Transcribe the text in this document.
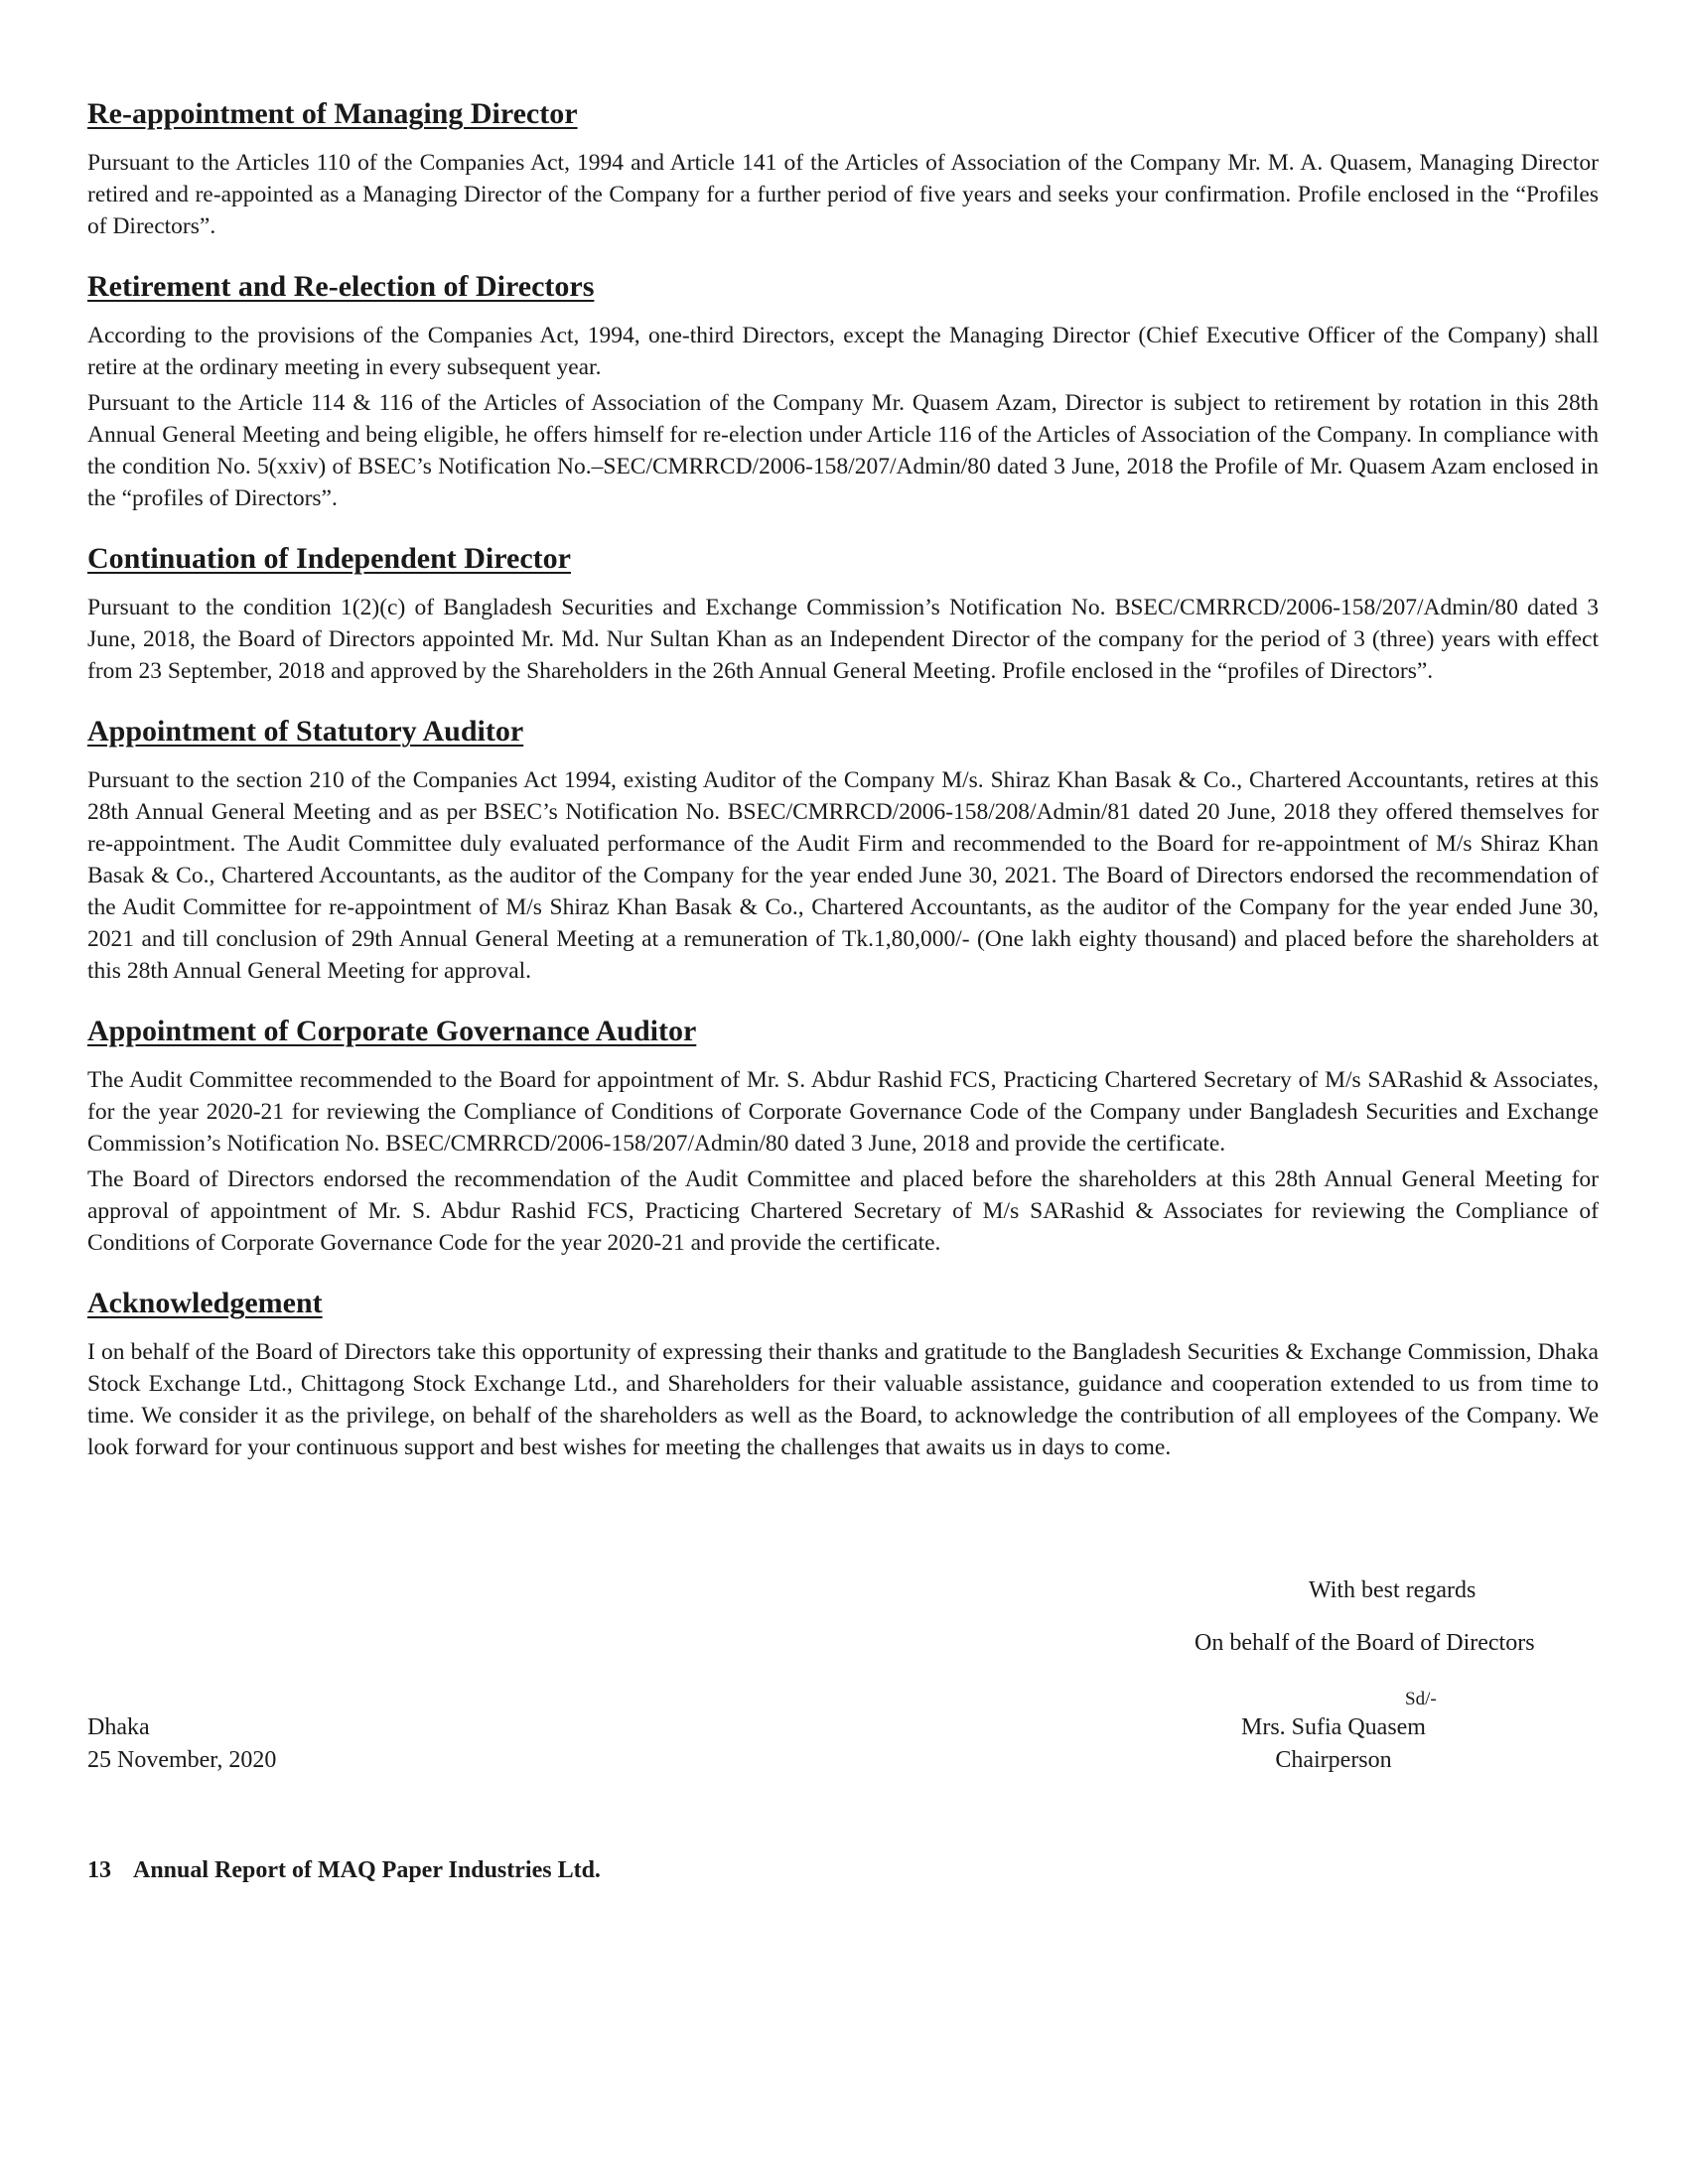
Re-appointment of Managing Director

Pursuant to the Articles 110 of the Companies Act, 1994 and Article 141 of the Articles of Association of the Company Mr. M. A. Quasem, Managing Director retired and re-appointed as a Managing Director of the Company for a further period of five years and seeks your confirmation. Profile enclosed in the “Profiles of Directors”.

Retirement and Re-election of Directors

According to the provisions of the Companies Act, 1994, one-third Directors, except the Managing Director (Chief Executive Officer of the Company) shall retire at the ordinary meeting in every subsequent year.

Pursuant to the Article 114 & 116 of the Articles of Association of the Company Mr. Quasem Azam, Director is subject to retirement by rotation in this 28th Annual General Meeting and being eligible, he offers himself for re-election under Article 116 of the Articles of Association of the Company. In compliance with the condition No. 5(xxiv) of BSEC’s Notification No.–SEC/CMRRCD/2006-158/207/Admin/80 dated 3 June, 2018 the Profile of Mr. Quasem Azam enclosed in the “profiles of Directors”.

Continuation of Independent Director

Pursuant to the condition 1(2)(c) of Bangladesh Securities and Exchange Commission’s Notification No. BSEC/CMRRCD/2006-158/207/Admin/80 dated 3 June, 2018, the Board of Directors appointed Mr. Md. Nur Sultan Khan as an Independent Director of the company for the period of 3 (three) years with effect from 23 September, 2018 and approved by the Shareholders in the 26th Annual General Meeting. Profile enclosed in the “profiles of Directors”.

Appointment of Statutory Auditor

Pursuant to the section 210 of the Companies Act 1994, existing Auditor of the Company M/s. Shiraz Khan Basak & Co., Chartered Accountants, retires at this 28th Annual General Meeting and as per BSEC’s Notification No. BSEC/CMRRCD/2006-158/208/Admin/81 dated 20 June, 2018 they offered themselves for re-appointment. The Audit Committee duly evaluated performance of the Audit Firm and recommended to the Board for re-appointment of M/s Shiraz Khan Basak & Co., Chartered Accountants, as the auditor of the Company for the year ended June 30, 2021. The Board of Directors endorsed the recommendation of the Audit Committee for re-appointment of M/s Shiraz Khan Basak & Co., Chartered Accountants, as the auditor of the Company for the year ended June 30, 2021 and till conclusion of 29th Annual General Meeting at a remuneration of Tk.1,80,000/- (One lakh eighty thousand) and placed before the shareholders at this 28th Annual General Meeting for approval.

Appointment of Corporate Governance Auditor

The Audit Committee recommended to the Board for appointment of Mr. S. Abdur Rashid FCS, Practicing Chartered Secretary of M/s SARashid & Associates, for the year 2020-21 for reviewing the Compliance of Conditions of Corporate Governance Code of the Company under Bangladesh Securities and Exchange Commission’s Notification No. BSEC/CMRRCD/2006-158/207/Admin/80 dated 3 June, 2018 and provide the certificate.

The Board of Directors endorsed the recommendation of the Audit Committee and placed before the shareholders at this 28th Annual General Meeting for approval of appointment of Mr. S. Abdur Rashid FCS, Practicing Chartered Secretary of M/s SARashid & Associates for reviewing the Compliance of Conditions of Corporate Governance Code for the year 2020-21 and provide the certificate.

Acknowledgement

I on behalf of the Board of Directors take this opportunity of expressing their thanks and gratitude to the Bangladesh Securities & Exchange Commission, Dhaka Stock Exchange Ltd., Chittagong Stock Exchange Ltd., and Shareholders for their valuable assistance, guidance and cooperation extended to us from time to time. We consider it as the privilege, on behalf of the shareholders as well as the Board, to acknowledge the contribution of all employees of the Company. We look forward for your continuous support and best wishes for meeting the challenges that awaits us in days to come.

With best regards
On behalf of the Board of Directors
Sd/-
Mrs. Sufia Quasem
Chairperson
Dhaka
25 November, 2020
13 Annual Report of MAQ Paper Industries Ltd.
